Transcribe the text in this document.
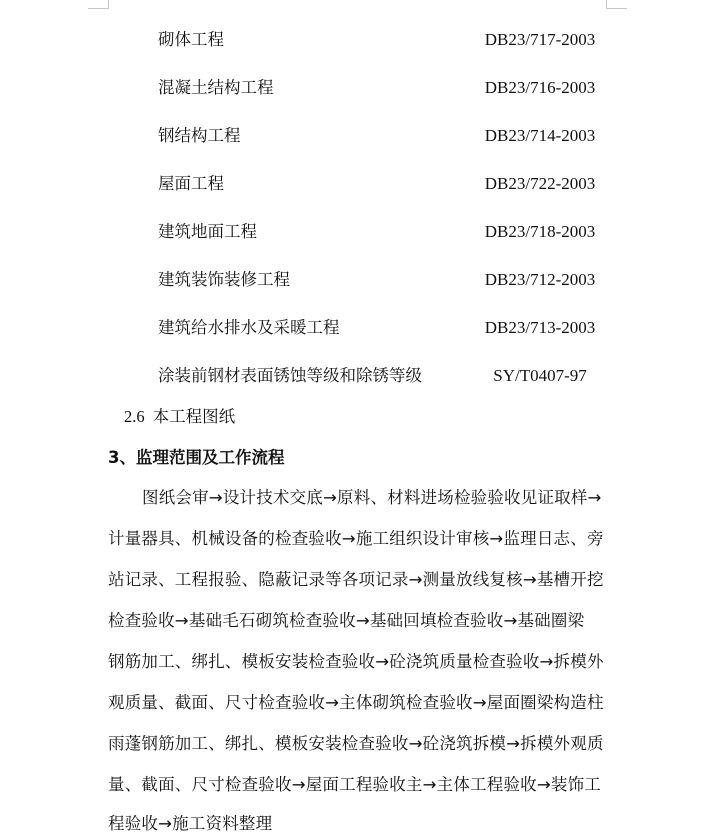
砌体工程	DB23/717-2003
混凝土结构工程	DB23/716-2003
钢结构工程	DB23/714-2003
屋面工程	DB23/722-2003
建筑地面工程	DB23/718-2003
建筑装饰装修工程	DB23/712-2003
建筑给水排水及采暖工程	DB23/713-2003
涂装前钢材表面锈蚀等级和除锈等级	SY/T0407-97
2.6 本工程图纸
3、监理范围及工作流程
图纸会审→设计技术交底→原料、材料进场检验验收见证取样→
计量器具、机械设备的检查验收→施工组织设计审核→监理日志、旁
站记录、工程报验、隐蔽记录等各项记录→测量放线复核→基槽开挖
检查验收→基础毛石砌筑检查验收→基础回填检查验收→基础圈梁
钢筋加工、绑扎、模板安装检查验收→砼浇筑质量检查验收→拆模外
观质量、截面、尺寸检查验收→主体砌筑检查验收→屋面圈梁构造柱
雨蓬钢筋加工、绑扎、模板安装检查验收→砼浇筑拆模→拆模外观质
量、截面、尺寸检查验收→屋面工程验收主→主体工程验收→装饰工
程验收→施工资料整理
